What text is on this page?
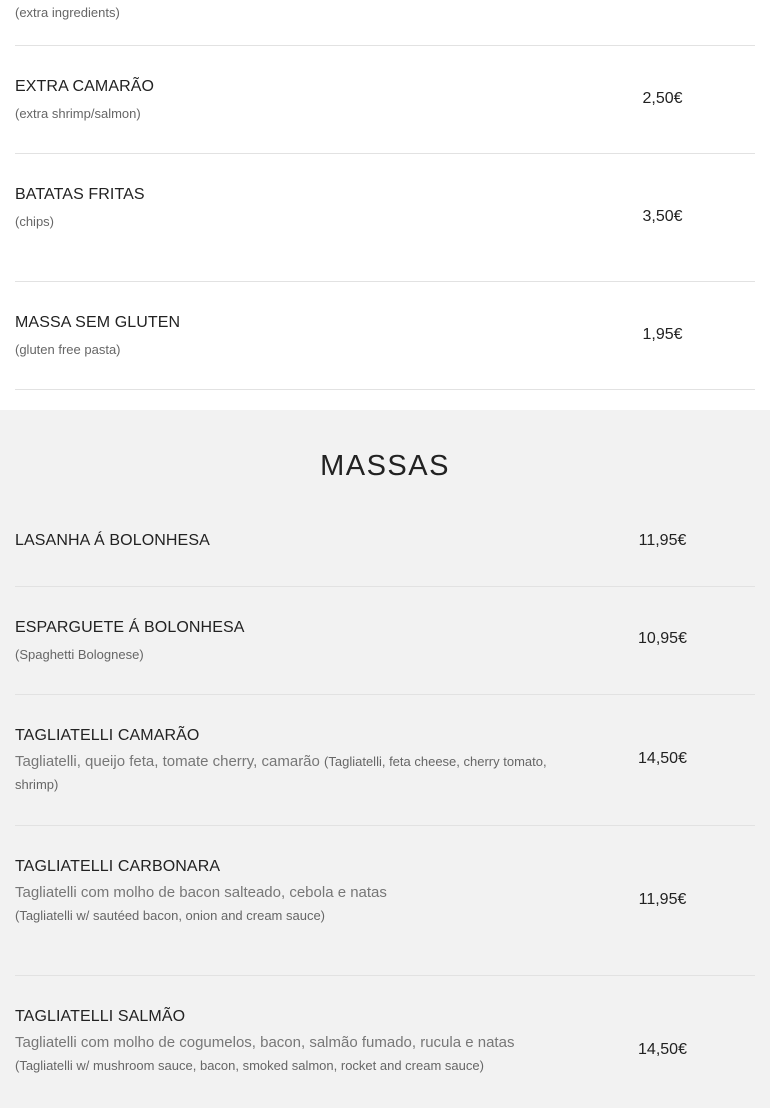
(extra ingredients)
EXTRA CAMARÃO
(extra shrimp/salmon)
2,50€
BATATAS FRITAS
(chips)	3,50€
MASSA SEM GLUTEN
(gluten free pasta)
1,95€
MASSAS
LASANHA Á BOLONHESA	11,95€
ESPARGUETE Á BOLONHESA
(Spaghetti Bolognese)
10,95€
TAGLIATELLI CAMARÃO
Tagliatelli, queijo feta, tomate cherry, camarão (Tagliatelli, feta cheese, cherry tomato, shrimp)
14,50€
TAGLIATELLI CARBONARA
Tagliatelli com molho de bacon salteado, cebola e natas
(Tagliatelli w/ sautéed bacon, onion and cream sauce)
11,95€
TAGLIATELLI SALMÃO
Tagliatelli com molho de cogumelos, bacon, salmão fumado, rucula e natas
(Tagliatelli w/ mushroom sauce, bacon, smoked salmon, rocket and cream sauce)
14,50€
